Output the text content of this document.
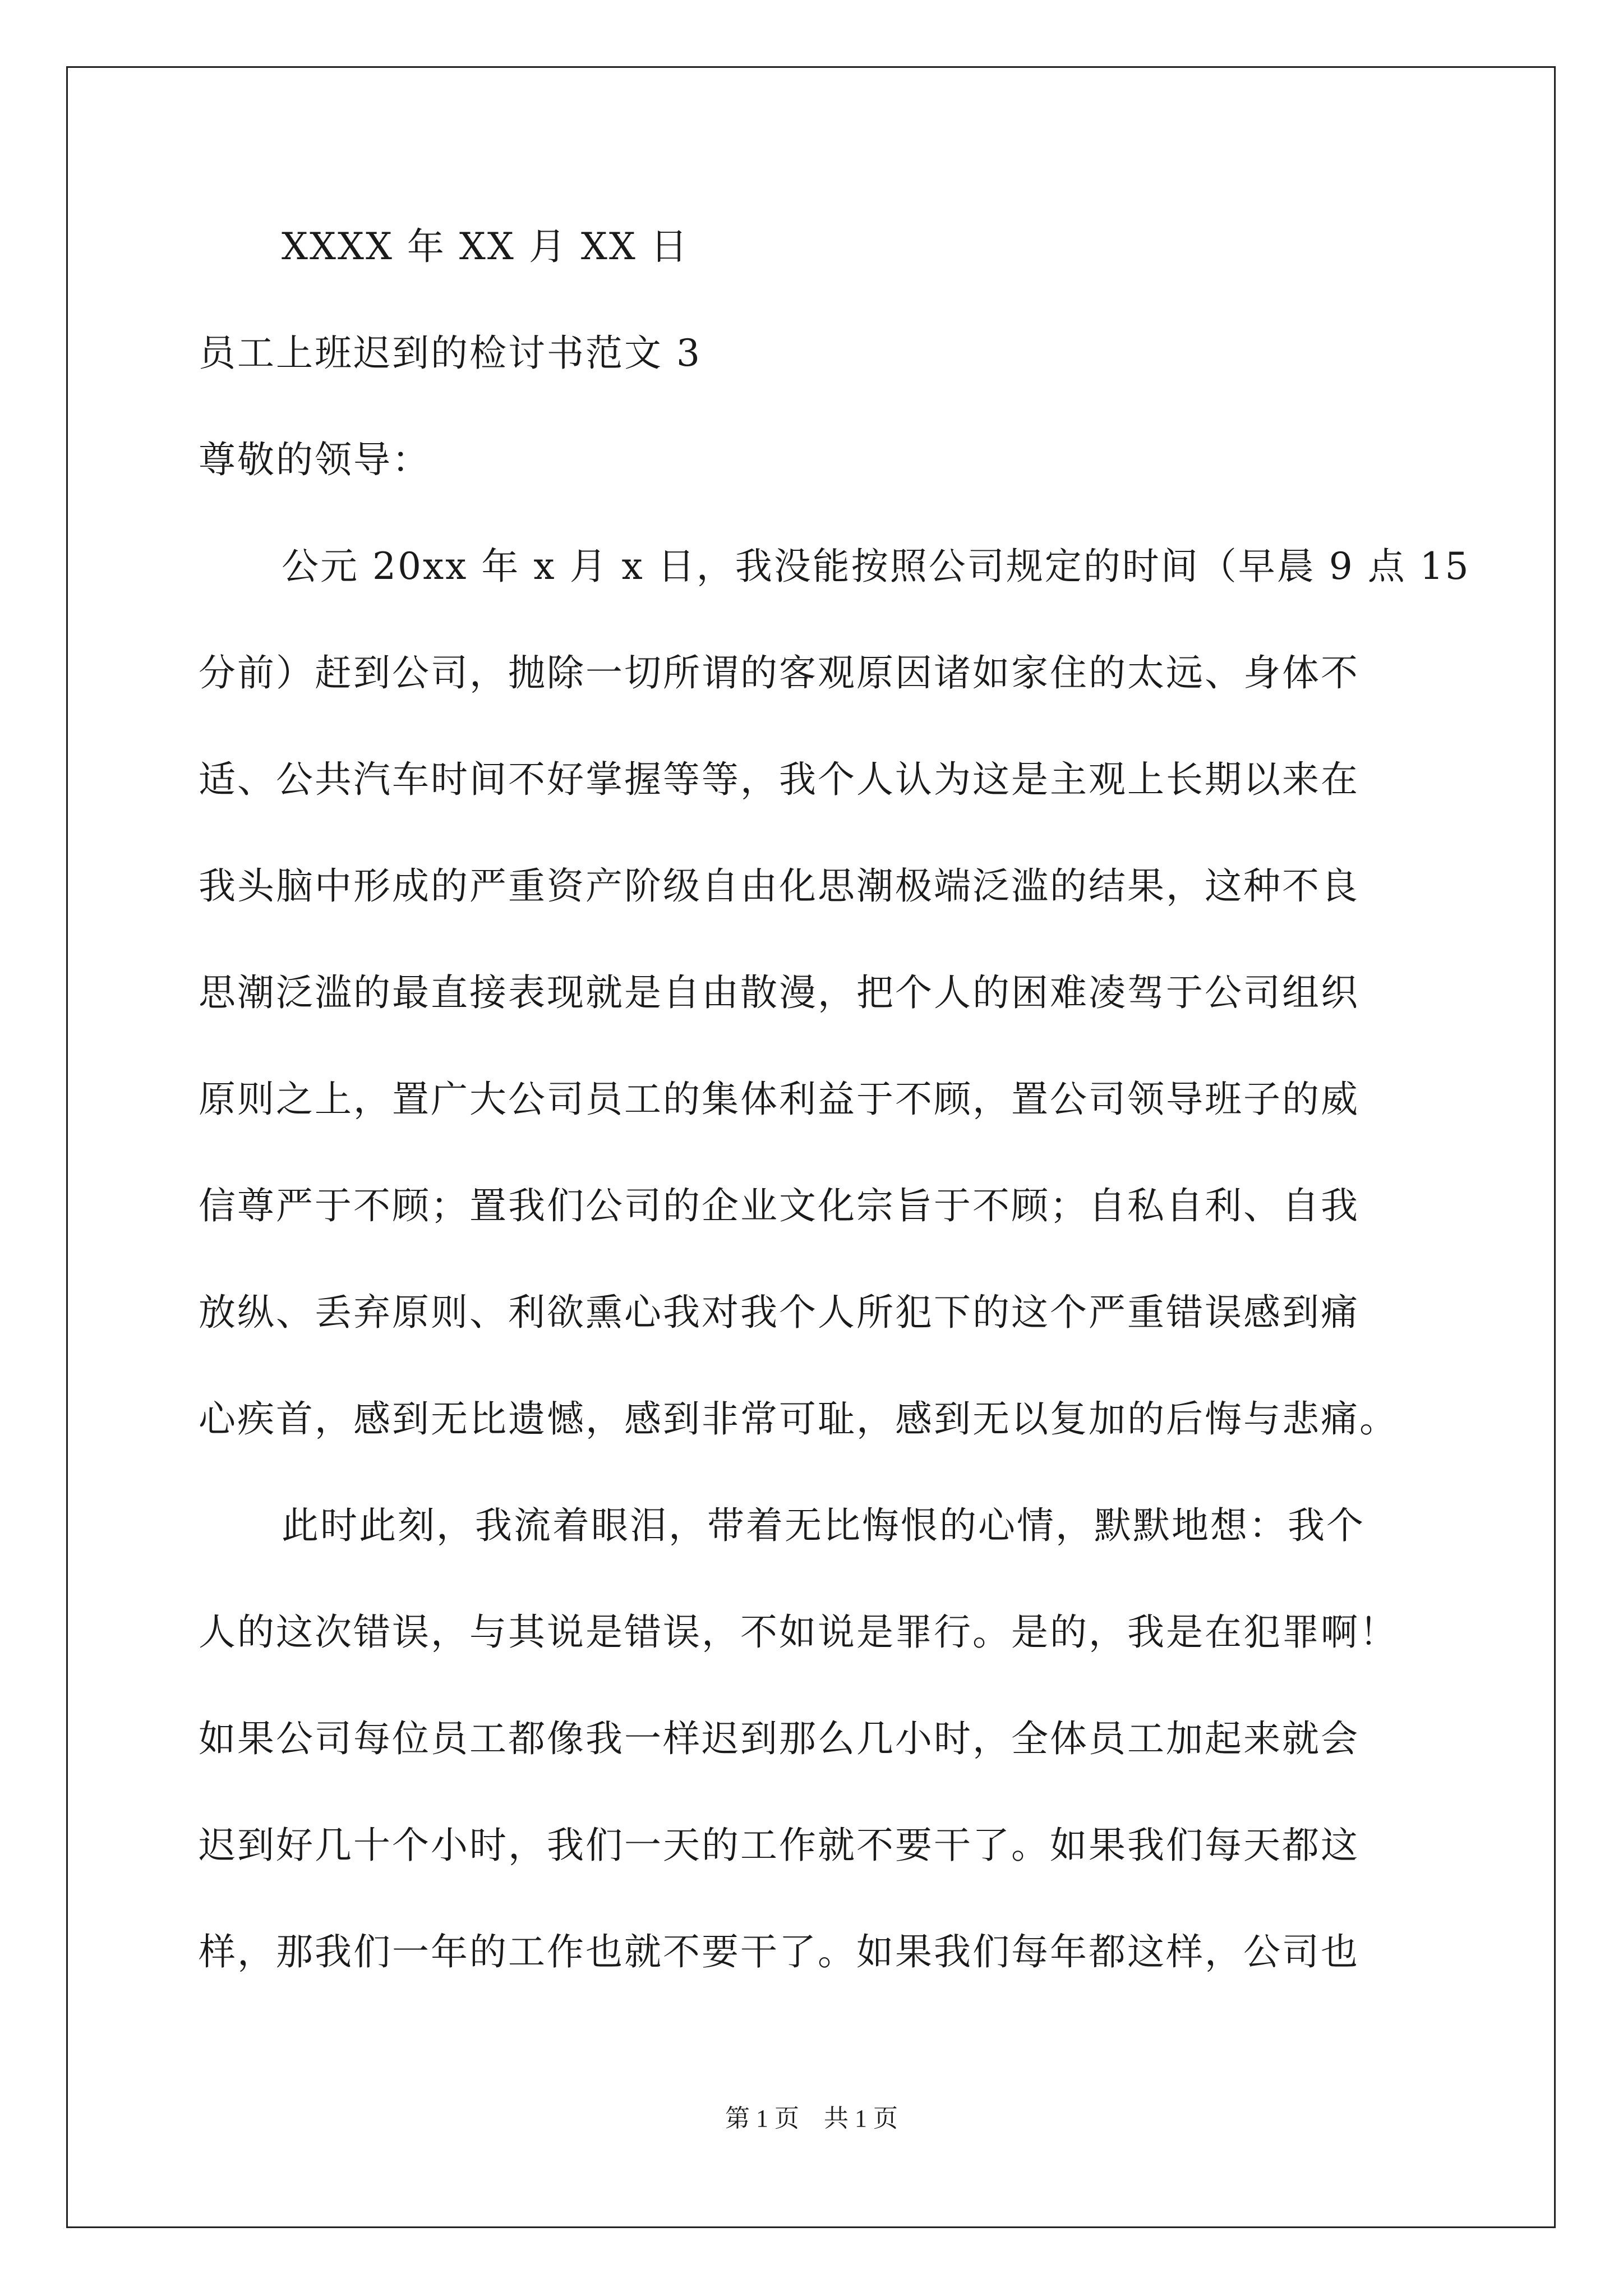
XXXX 年 XX 月 XX 日
员工上班迟到的检讨书范文 3
尊敬的领导：
公元 20xx 年 x 月 x 日，我没能按照公司规定的时间（早晨 9 点 15
分前）赶到公司，抛除一切所谓的客观原因诸如家住的太远、身体不
适、公共汽车时间不好掌握等等，我个人认为这是主观上长期以来在
我头脑中形成的严重资产阶级自由化思潮极端泛滥的结果，这种不良
思潮泛滥的最直接表现就是自由散漫，把个人的困难凌驾于公司组织
原则之上，置广大公司员工的集体利益于不顾，置公司领导班子的威
信尊严于不顾；置我们公司的企业文化宗旨于不顾；自私自利、自我
放纵、丢弃原则、利欲熏心我对我个人所犯下的这个严重错误感到痛
心疾首，感到无比遗憾，感到非常可耻，感到无以复加的后悔与悲痛。
此时此刻，我流着眼泪，带着无比悔恨的心情，默默地想：我个
人的这次错误，与其说是错误，不如说是罪行。是的，我是在犯罪啊！
如果公司每位员工都像我一样迟到那么几小时，全体员工加起来就会
迟到好几十个小时，我们一天的工作就不要干了。如果我们每天都这
样，那我们一年的工作也就不要干了。如果我们每年都这样，公司也
第 1 页　共 1 页
